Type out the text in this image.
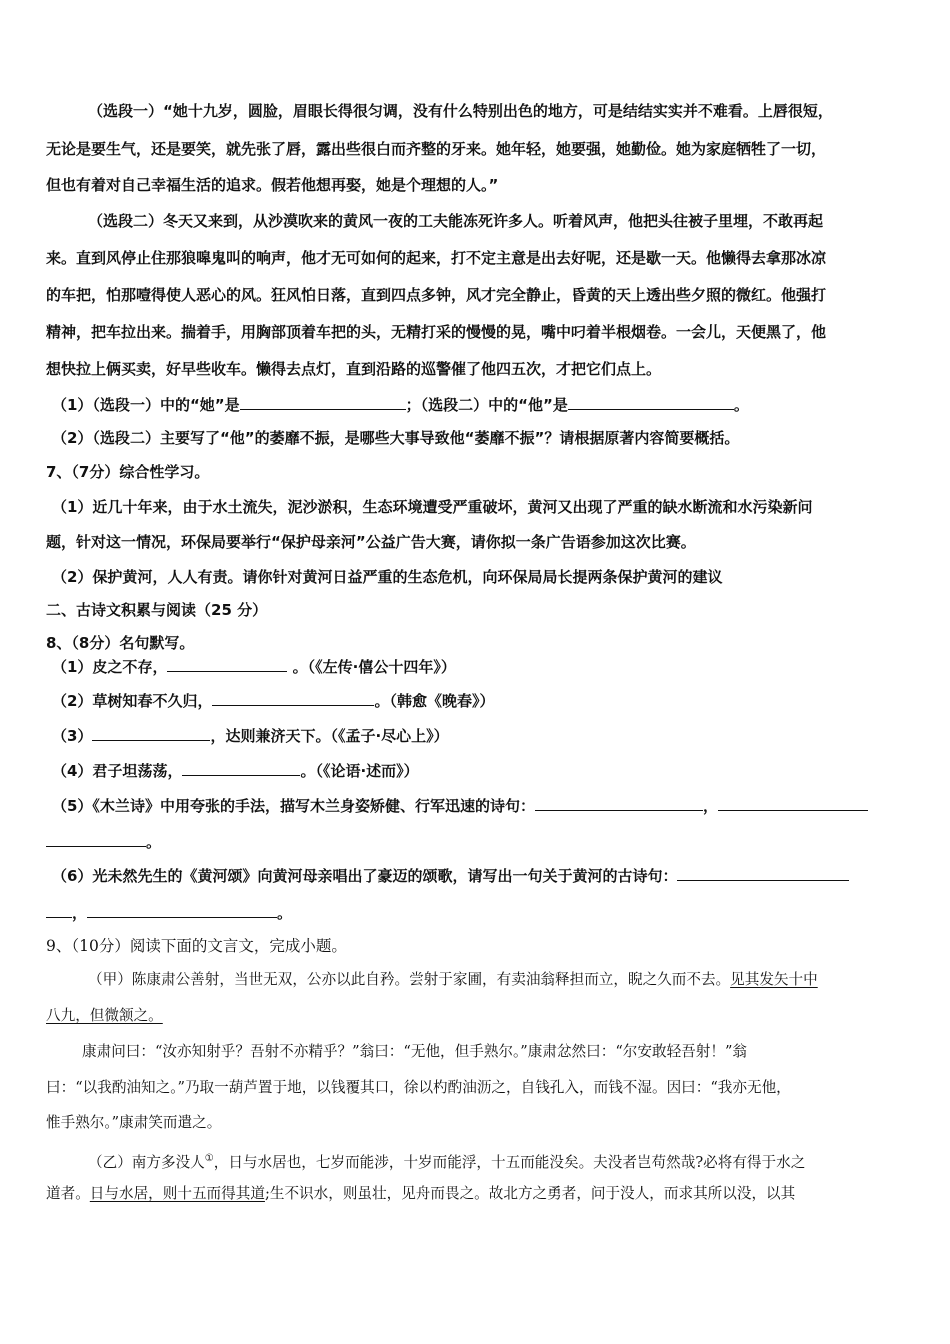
（选段一）“她十九岁，圆脸，眉眼长得很匀调，没有什么特别出色的地方，可是结结实实并不难看。上唇很短，
无论是要生气，还是要笑，就先张了唇，露出些很白而齐整的牙来。她年轻，她要强，她勤俭。她为家庭牺牲了一切，
但也有着对自己幸福生活的追求。假若他想再娶，她是个理想的人。”
（选段二）冬天又来到，从沙漠吹来的黄风一夜的工夫能冻死许多人。听着风声，他把头往被子里埋，不敢再起
来。直到风停止住那狼嗥鬼叫的响声，他才无可如何的起来，打不定主意是出去好呢，还是歇一天。他懒得去拿那冰凉
的车把，怕那噎得使人恶心的风。狂风怕日落，直到四点多钟，风才完全静止，昏黄的天上透出些夕照的微红。他强打
精神，把车拉出来。揣着手，用胸部顶着车把的头，无精打采的慢慢的晃，嘴中叼着半根烟卷。一会儿，天便黑了，他
想快拉上俩买卖，好早些收车。懒得去点灯，直到沿路的巡警催了他四五次，才把它们点上。
（1）（选段一）中的“她”是	；（选段二）中的“他”是	。
（2）（选段二）主要写了“他”的萎靡不振，是哪些大事导致他“萎靡不振”？请根据原著内容简要概括。
7、（7分）综合性学习。
（1）近几十年来，由于水土流失，泥沙淤积，生态环境遭受严重破坏，黄河又出现了严重的缺水断流和水污染新问
题，针对这一情况，环保局要举行“保护母亲河”公益广告大赛，请你拟一条广告语参加这次比赛。
（2）保护黄河，人人有责。请你针对黄河日益严重的生态危机，向环保局局长提两条保护黄河的建议
二、古诗文积累与阅读（25 分）
8、（8分）名句默写。
（1）皮之不存，	。（《左传·僖公十四年》）
（2）草树知春不久归，	。（韩愈《晚春》）
（3）	，达则兼济天下。（《孟子·尽心上》）
（4）君子坦荡荡，	。（《论语·述而》）
（5）《木兰诗》中用夸张的手法，描写木兰身姿矫健、行军迅速的诗句：	，
。
（6）光未然先生的《黄河颂》向黄河母亲唱出了豪迈的颂歌，请写出一句关于黄河的古诗句：
，	。
9、（10分）阅读下面的文言文，完成小题。
（甲）陈康肃公善射，当世无双，公亦以此自矜。尝射于家圃，有卖油翁释担而立，睨之久而不去。见其发矢十中
八九，但微颔之。
康肃问曰：“汝亦知射乎？吾射不亦精乎？”翁曰：“无他，但手熟尔。”康肃忿然曰：“尔安敢轻吾射！”翁
曰：“以我酌油知之。”乃取一葫芦置于地，以钱覆其口，徐以杓酌油沥之，自钱孔入，而钱不湿。因曰：“我亦无他，
惟手熟尔。”康肃笑而遣之。
（乙）南方多没人①，日与水居也，七岁而能涉，十岁而能浮，十五而能没矣。夫没者岂苟然哉?必将有得于水之
道者。日与水居，则十五而得其道;生不识水，则虽壮，见舟而畏之。故北方之勇者，问于没人，而求其所以没，以其
